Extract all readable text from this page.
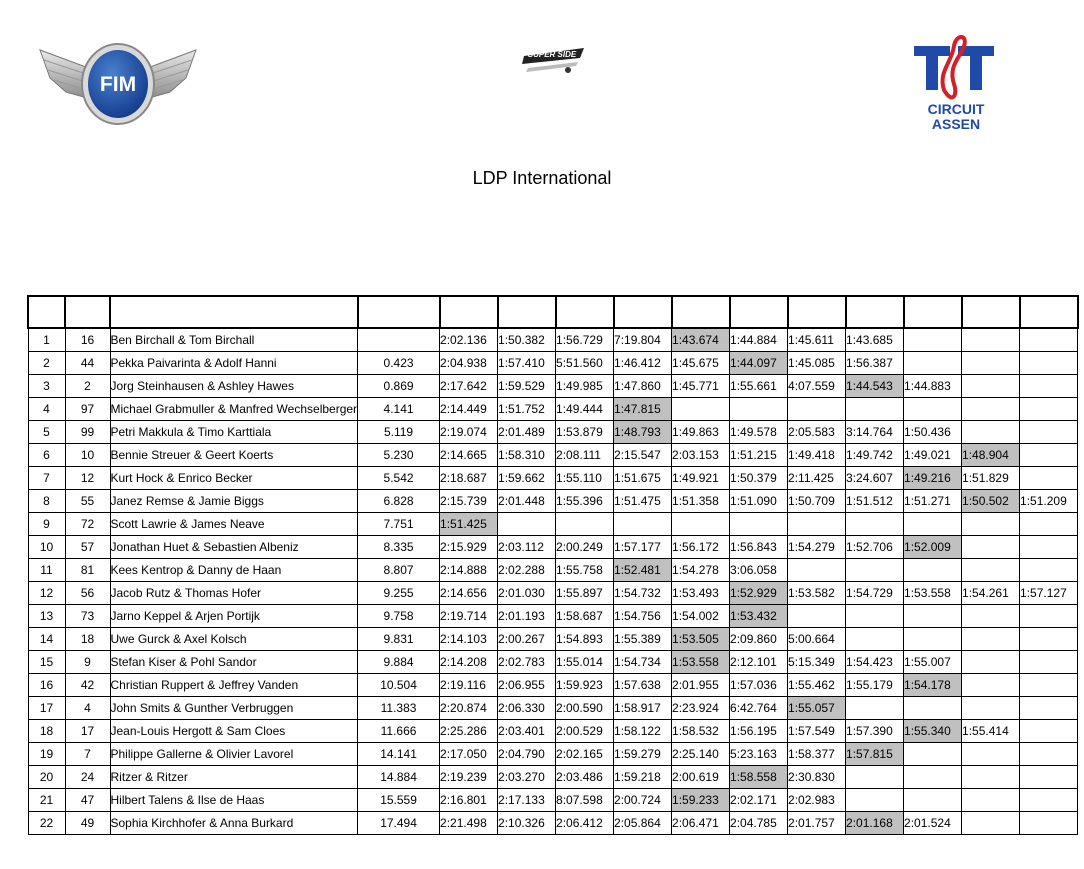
FIM
SUPER SIDE
CIRCUIT
ASSEN
LDP International

1	16	Ben Birchall & Tom Birchall		2:02.136	1:50.382	1:56.729	7:19.804	1:43.674	1:44.884	1:45.611	1:43.685			
2	44	Pekka Paivarinta & Adolf Hanni	0.423	2:04.938	1:57.410	5:51.560	1:46.412	1:45.675	1:44.097	1:45.085	1:56.387			
3	2	Jorg Steinhausen & Ashley Hawes	0.869	2:17.642	1:59.529	1:49.985	1:47.860	1:45.771	1:55.661	4:07.559	1:44.543	1:44.883		
4	97	Michael Grabmuller & Manfred Wechselberger	4.141	2:14.449	1:51.752	1:49.444	1:47.815							
5	99	Petri Makkula & Timo Karttiala	5.119	2:19.074	2:01.489	1:53.879	1:48.793	1:49.863	1:49.578	2:05.583	3:14.764	1:50.436		
6	10	Bennie Streuer & Geert Koerts	5.230	2:14.665	1:58.310	2:08.111	2:15.547	2:03.153	1:51.215	1:49.418	1:49.742	1:49.021	1:48.904	
7	12	Kurt Hock & Enrico Becker	5.542	2:18.687	1:59.662	1:55.110	1:51.675	1:49.921	1:50.379	2:11.425	3:24.607	1:49.216	1:51.829	
8	55	Janez Remse & Jamie Biggs	6.828	2:15.739	2:01.448	1:55.396	1:51.475	1:51.358	1:51.090	1:50.709	1:51.512	1:51.271	1:50.502	1:51.209
9	72	Scott Lawrie & James Neave	7.751	1:51.425										
10	57	Jonathan Huet & Sebastien Albeniz	8.335	2:15.929	2:03.112	2:00.249	1:57.177	1:56.172	1:56.843	1:54.279	1:52.706	1:52.009		
11	81	Kees Kentrop & Danny de Haan	8.807	2:14.888	2:02.288	1:55.758	1:52.481	1:54.278	3:06.058					
12	56	Jacob Rutz & Thomas Hofer	9.255	2:14.656	2:01.030	1:55.897	1:54.732	1:53.493	1:52.929	1:53.582	1:54.729	1:53.558	1:54.261	1:57.127
13	73	Jarno Keppel & Arjen Portijk	9.758	2:19.714	2:01.193	1:58.687	1:54.756	1:54.002	1:53.432					
14	18	Uwe Gurck & Axel Kolsch	9.831	2:14.103	2:00.267	1:54.893	1:55.389	1:53.505	2:09.860	5:00.664				
15	9	Stefan Kiser & Pohl Sandor	9.884	2:14.208	2:02.783	1:55.014	1:54.734	1:53.558	2:12.101	5:15.349	1:54.423	1:55.007		
16	42	Christian Ruppert & Jeffrey Vanden	10.504	2:19.116	2:06.955	1:59.923	1:57.638	2:01.955	1:57.036	1:55.462	1:55.179	1:54.178		
17	4	John Smits & Gunther Verbruggen	11.383	2:20.874	2:06.330	2:00.590	1:58.917	2:23.924	6:42.764	1:55.057				
18	17	Jean-Louis Hergott & Sam Cloes	11.666	2:25.286	2:03.401	2:00.529	1:58.122	1:58.532	1:56.195	1:57.549	1:57.390	1:55.340	1:55.414	
19	7	Philippe Gallerne & Olivier Lavorel	14.141	2:17.050	2:04.790	2:02.165	1:59.279	2:25.140	5:23.163	1:58.377	1:57.815			
20	24	Ritzer & Ritzer	14.884	2:19.239	2:03.270	2:03.486	1:59.218	2:00.619	1:58.558	2:30.830				
21	47	Hilbert Talens & Ilse de Haas	15.559	2:16.801	2:17.133	8:07.598	2:00.724	1:59.233	2:02.171	2:02.983				
22	49	Sophia Kirchhofer & Anna Burkard	17.494	2:21.498	2:10.326	2:06.412	2:05.864	2:06.471	2:04.785	2:01.757	2:01.168	2:01.524		
